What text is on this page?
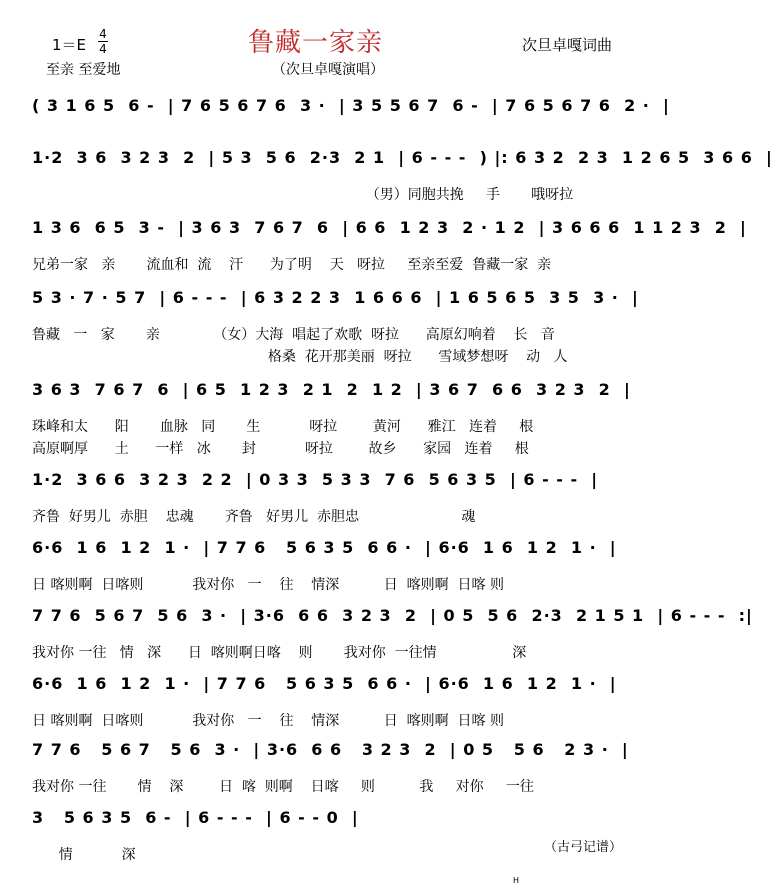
1＝E
4
4	鲁藏一家亲	次旦卓嘎词曲
至亲 至爱地	（次旦卓嘎演唱）
( 3 1 6 5  6 -  | 7 6 5 6 7 6  3 ·  | 3 5 5 6 7  6 -  | 7 6 5 6 7 6  2 ·  |
1·2  3 6  3 2 3  2  | 5 3  5 6  2·3  2 1  | 6 - - -  ) |: 6 3 2  2 3  1 2 6 5  3 6 6  |
（男）同胞共挽     手       哦呀拉
1 3 6  6 5  3 -  | 3 6 3  7 6 7  6  | 6 6  1 2 3  2 · 1 2  | 3 6 6 6  1 1 2 3  2  |
兄弟一家   亲       流血和  流    汗      为了明    天   呀拉     至亲至爱  鲁藏一家  亲
5 3 · 7 · 5 7  | 6 - - -  | 6 3 2 2 3  1 6 6 6  | 1 6 5 6 5  3 5  3 ·  |
鲁藏   一   家       亲            （女）大海  唱起了欢歌  呀拉      高原幻响着    长   音
格桑  花开那美丽  呀拉      雪域梦想呀    动   人
3 6 3  7 6 7  6  | 6 5  1 2 3  2 1  2  1 2  | 3 6 7  6 6  3 2 3  2  |
珠峰和太      阳       血脉   同       生           呀拉        黄河      雅江   连着     根
高原啊厚      土      一样   冰       封           呀拉        故乡      家园   连着     根
1·2  3 6 6  3 2 3  2 2  | 0 3 3  5 3 3  7 6  5 6 3 5  | 6 - - -  |
齐鲁  好男儿  赤胆    忠魂       齐鲁   好男儿  赤胆忠                       魂
6·6  1 6  1 2  1 ·  | 7 7 6   5 6 3 5  6 6 ·  | 6·6  1 6  1 2  1 ·  |
日 喀则啊  日喀则           我对你   一    往    情深          日  喀则啊  日喀 则
7 7 6  5 6 7  5 6  3 ·  | 3·6  6 6  3 2 3  2  | 0 5  5 6  2·3  2 1 5 1  | 6 - - -  :|
我对你 一往   情   深      日  喀则啊日喀    则       我对你  一往情                 深
6·6  1 6  1 2  1 ·  | 7 7 6   5 6 3 5  6 6 ·  | 6·6  1 6  1 2  1 ·  |
日 喀则啊  日喀则           我对你   一    往    情深          日  喀则啊  日喀 则
7 7 6   5 6 7   5 6  3 ·  | 3·6  6 6   3 2 3  2  | 0 5   5 6   2 3 ·  |
我对你 一往       情    深        日  喀  则啊    日喀     则          我     对你     一往
3   5 6 3 5  6 -  | 6 - - -  | 6 - - 0  |
情           深	（古弓记谱）
H
